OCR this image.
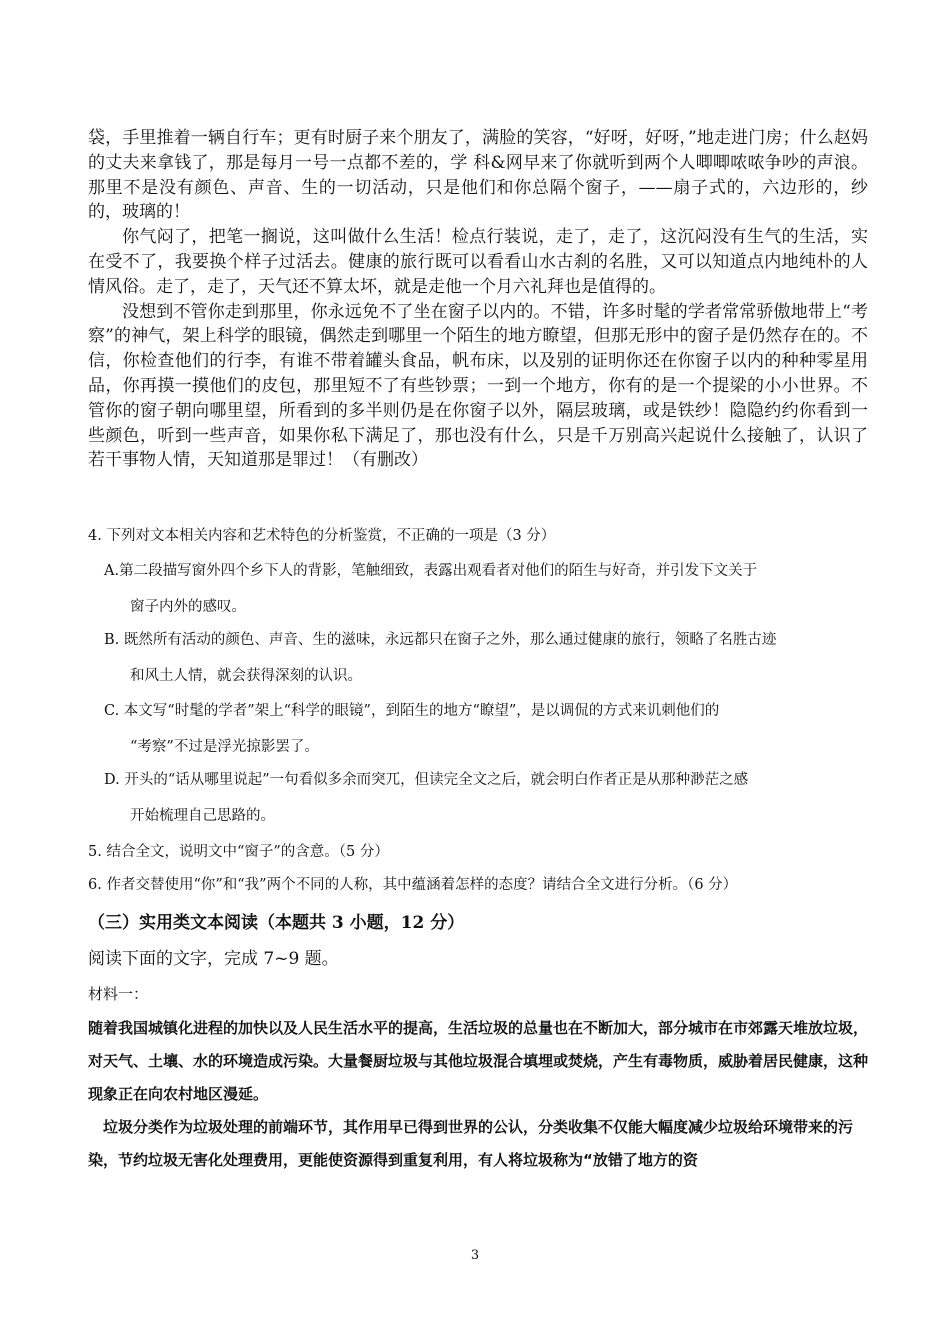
袋，手里推着一辆自行车；更有时厨子来个朋友了，满脸的笑容，“好呀，好呀，”地走进门房；什么赵妈的丈夫来拿钱了，那是每月一号一点都不差的，学 科&网早来了你就听到两个人唧唧哝哝争吵的声浪。那里不是没有颜色、声音、生的一切活动，只是他们和你总隔个窗子，——扇子式的，六边形的，纱的，玻璃的！

你气闷了，把笔一搁说，这叫做什么生活！检点行装说，走了，走了，这沉闷没有生气的生活，实在受不了，我要换个样子过活去。健康的旅行既可以看看山水古刹的名胜，又可以知道点内地纯朴的人情风俗。走了，走了，天气还不算太坏，就是走他一个月六礼拜也是值得的。

没想到不管你走到那里，你永远免不了坐在窗子以内的。不错，许多时髦的学者常常骄傲地带上“考察”的神气，架上科学的眼镜，偶然走到哪里一个陌生的地方瞭望，但那无形中的窗子是仍然存在的。不信，你检查他们的行李，有谁不带着罐头食品，帆布床，以及别的证明你还在你窗子以内的种种零星用品，你再摸一摸他们的皮包，那里短不了有些钞票；一到一个地方，你有的是一个提梁的小小世界。不管你的窗子朝向哪里望，所看到的多半则仍是在你窗子以外，隔层玻璃，或是铁纱！隐隐约约你看到一些颜色，听到一些声音，如果你私下满足了，那也没有什么，只是千万别高兴起说什么接触了，认识了若干事物人情，天知道那是罪过！（有删改）

4. 下列对文本相关内容和艺术特色的分析鉴赏，不正确的一项是（3 分）
A.第二段描写窗外四个乡下人的背影，笔触细致，表露出观看者对他们的陌生与好奇，并引发下文关于
窗子内外的感叹。
B. 既然所有活动的颜色、声音、生的滋味，永远都只在窗子之外，那么通过健康的旅行，领略了名胜古迹
和风土人情，就会获得深刻的认识。
C. 本文写“时髦的学者”架上“科学的眼镜”，到陌生的地方“瞭望”，是以调侃的方式来讥刺他们的
“考察”不过是浮光掠影罢了。
D. 开头的“话从哪里说起”一句看似多余而突兀，但读完全文之后，就会明白作者正是从那种渺茫之感
开始梳理自己思路的。
5. 结合全文，说明文中“窗子”的含意。（5 分）
6. 作者交替使用“你”和“我”两个不同的人称，其中蕴涵着怎样的态度？请结合全文进行分析。（6 分）
（三）实用类文本阅读（本题共 3 小题，12 分）
阅读下面的文字，完成 7~9 题。
材料一：

随着我国城镇化进程的加快以及人民生活水平的提高，生活垃圾的总量也在不断加大，部分城市在市郊露天堆放垃圾，对天气、土壤、水的环境造成污染。大量餐厨垃圾与其他垃圾混合填埋或焚烧，产生有毒物质，威胁着居民健康，这种现象正在向农村地区漫延。

垃圾分类作为垃圾处理的前端环节，其作用早已得到世界的公认，分类收集不仅能大幅度减少垃圾给环境带来的污染，节约垃圾无害化处理费用，更能使资源得到重复利用，有人将垃圾称为“放错了地方的资

3
